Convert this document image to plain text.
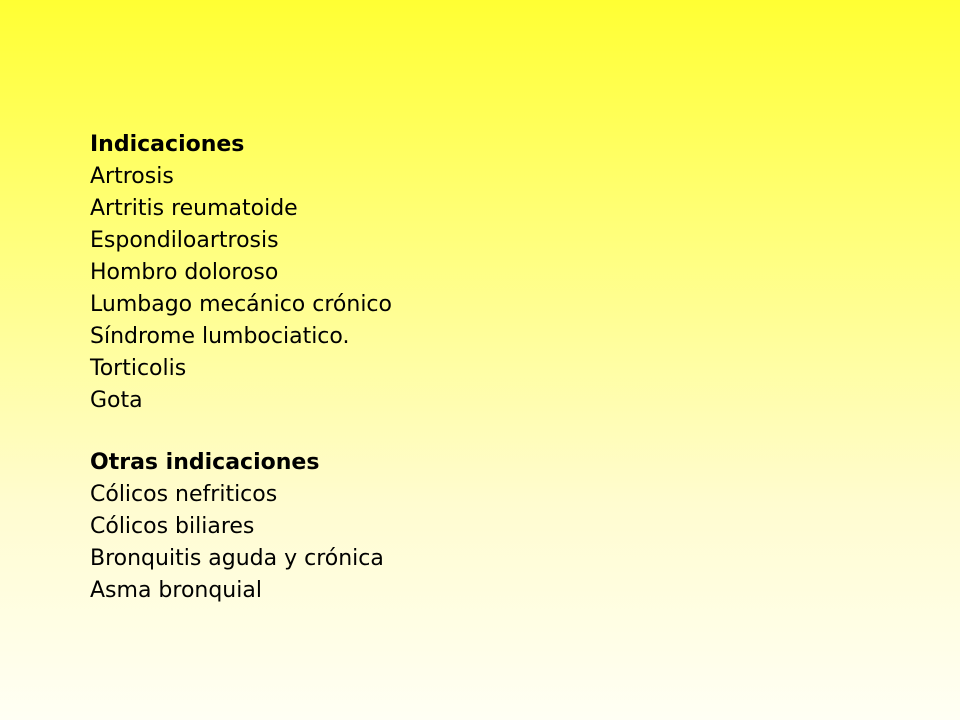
Indicaciones
Artrosis
Artritis reumatoide
Espondiloartrosis
Hombro doloroso
Lumbago mecánico crónico
Síndrome lumbociatico.
Torticolis
Gota
Otras indicaciones
Cólicos nefriticos
Cólicos biliares
Bronquitis aguda y crónica
Asma bronquial
